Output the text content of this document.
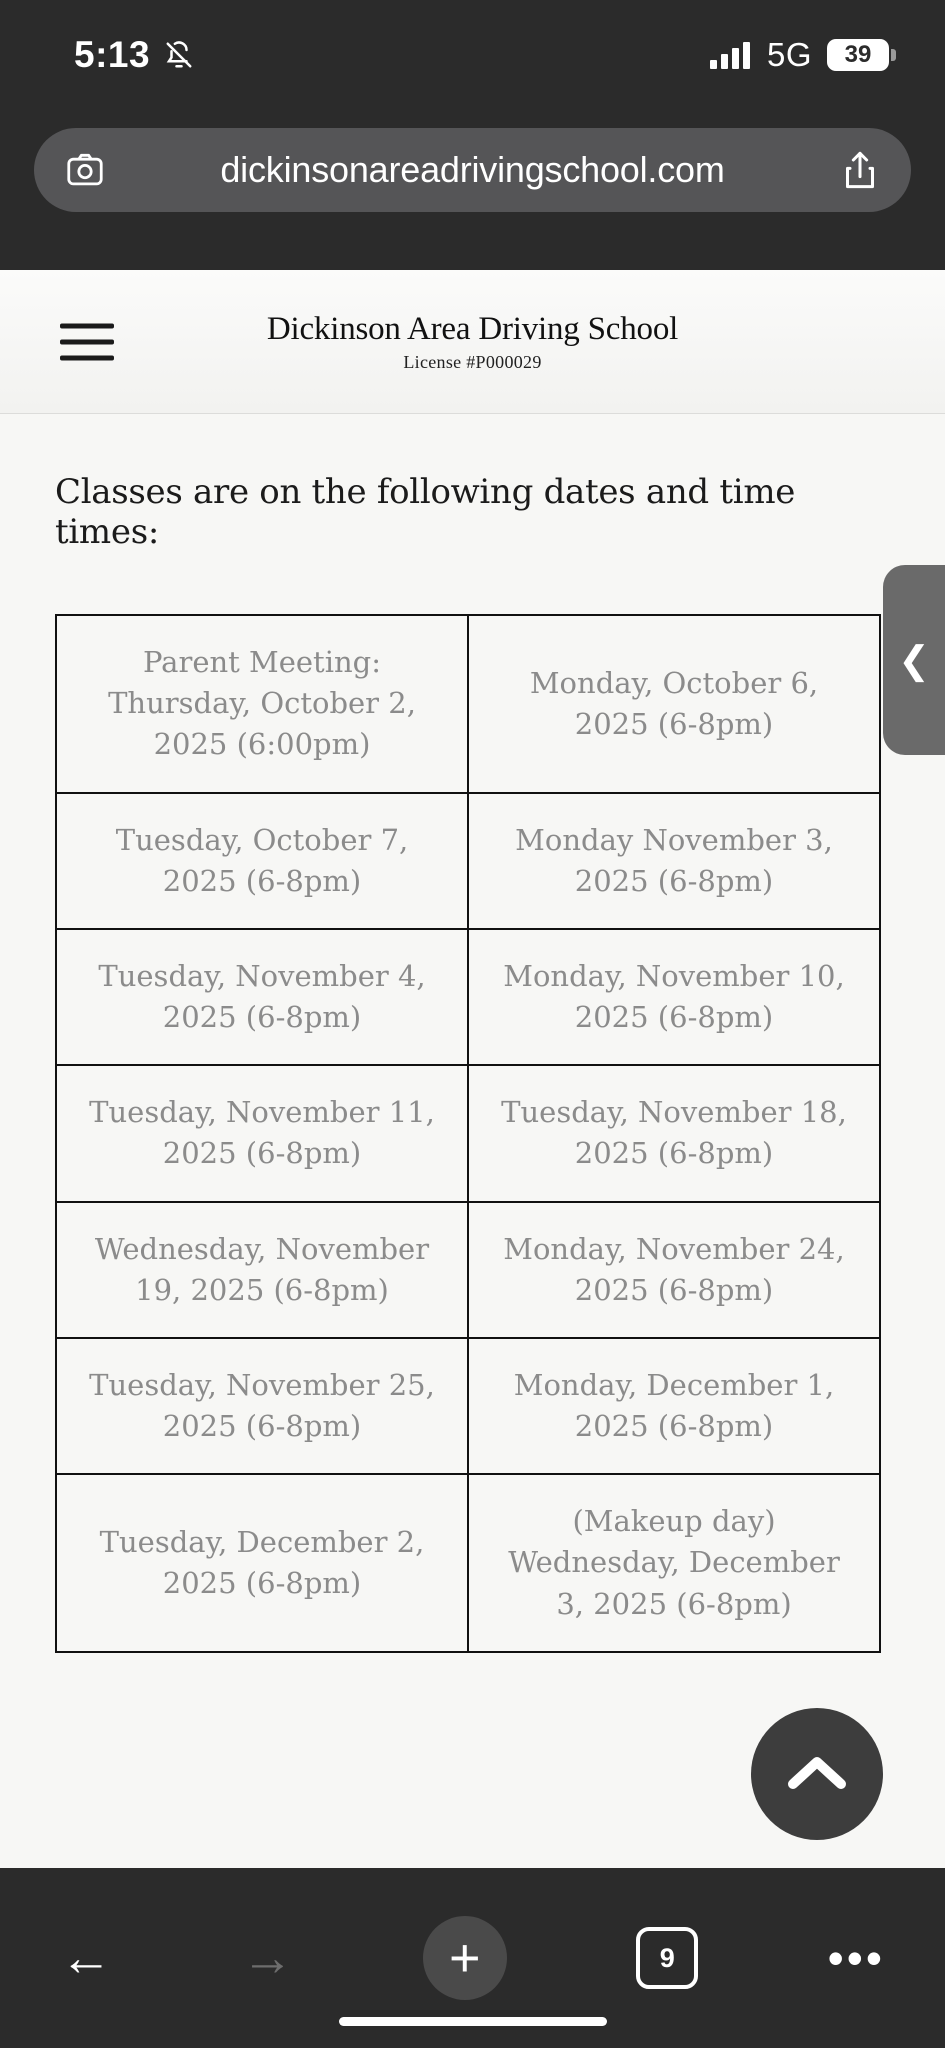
5:13	5G	39
dickinsonareadrivingschool.com
Dickinson Area Driving School
License #P000029
Classes are on the following dates and time times:
Parent Meeting: Thursday, October 2, 2025 (6:00pm)	Monday, October 6, 2025 (6-8pm)
Tuesday, October 7, 2025 (6-8pm)	Monday November 3, 2025 (6-8pm)
Tuesday, November 4, 2025 (6-8pm)	Monday, November 10, 2025 (6-8pm)
Tuesday, November 11, 2025 (6-8pm)	Tuesday, November 18, 2025 (6-8pm)
Wednesday, November 19, 2025 (6-8pm)	Monday, November 24, 2025 (6-8pm)
Tuesday, November 25, 2025 (6-8pm)	Monday, December 1, 2025 (6-8pm)
Tuesday, December 2, 2025 (6-8pm)	(Makeup day) Wednesday, December 3, 2025 (6-8pm)
❮
← →	+	9	•••
